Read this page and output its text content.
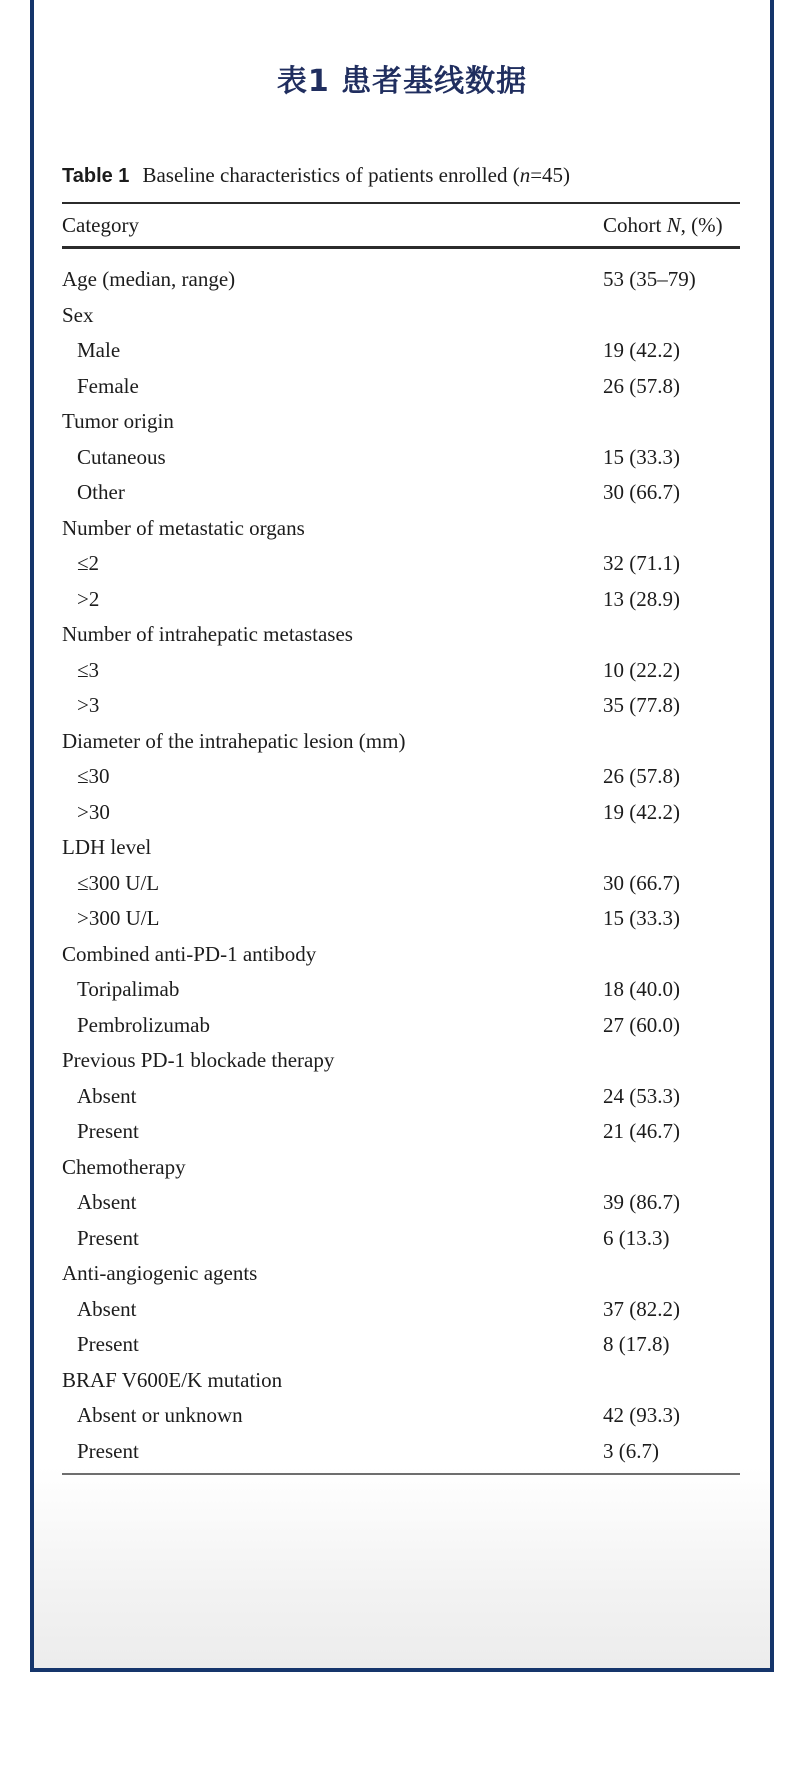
表1 患者基线数据
Table 1 Baseline characteristics of patients enrolled (n=45)
Category	Cohort N, (%)
Age (median, range)	53 (35–79)
Sex
Male	19 (42.2)
Female	26 (57.8)
Tumor origin
Cutaneous	15 (33.3)
Other	30 (66.7)
Number of metastatic organs
≤2	32 (71.1)
>2	13 (28.9)
Number of intrahepatic metastases
≤3	10 (22.2)
>3	35 (77.8)
Diameter of the intrahepatic lesion (mm)
≤30	26 (57.8)
>30	19 (42.2)
LDH level
≤300 U/L	30 (66.7)
>300 U/L	15 (33.3)
Combined anti-PD-1 antibody
Toripalimab	18 (40.0)
Pembrolizumab	27 (60.0)
Previous PD-1 blockade therapy
Absent	24 (53.3)
Present	21 (46.7)
Chemotherapy
Absent	39 (86.7)
Present	6 (13.3)
Anti-angiogenic agents
Absent	37 (82.2)
Present	8 (17.8)
BRAF V600E/K mutation
Absent or unknown	42 (93.3)
Present	3 (6.7)
